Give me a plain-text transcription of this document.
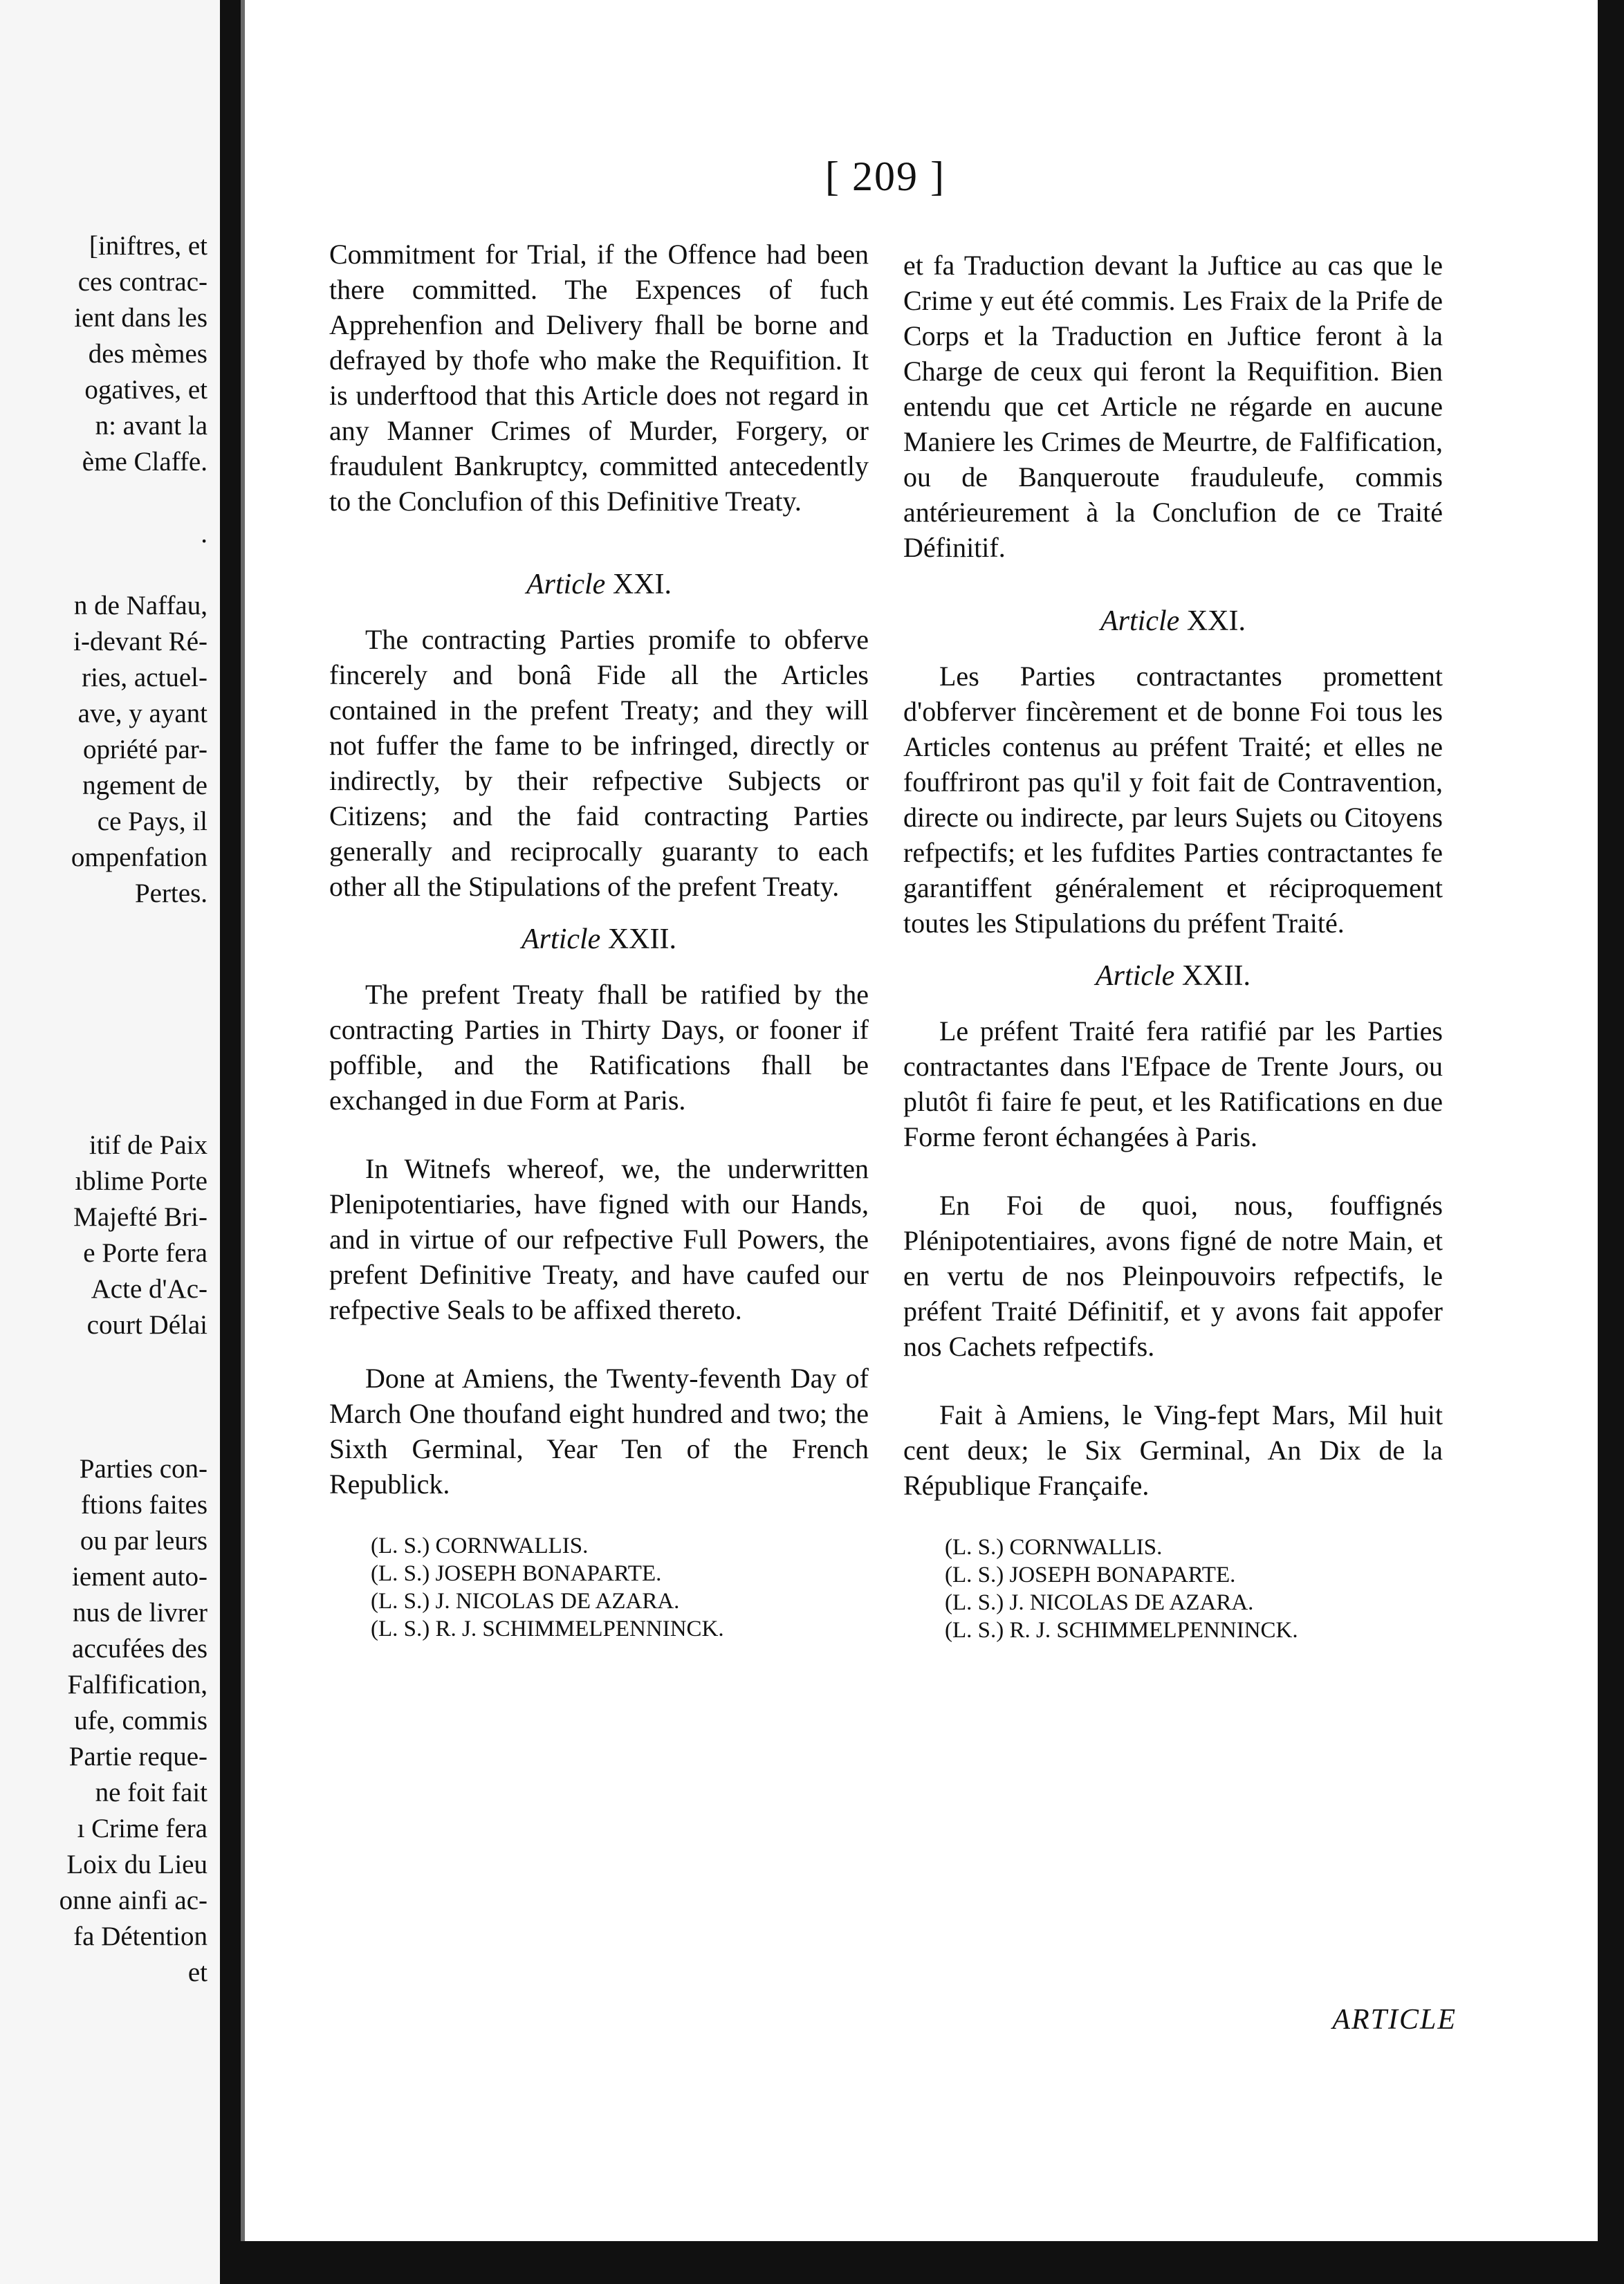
[iniftres, et
ces contrac-
ient dans les
des mèmes
ogatives, et
n: avant la
ème Claffe.
.
n de Naffau,
i-devant Ré-
ries, actuel-
ave, y ayant
opriété par-
ngement de
ce Pays, il
ompenfation
Pertes.
itif de Paix
ıblime Porte
Majefté Bri-
e Porte fera
Acte d'Ac-
court Délai
Parties con-
ftions faites
ou par leurs
iement auto-
nus de livrer
accufées des
Falfification,
ufe, commis
Partie reque-
ne foit fait
ı Crime fera
Loix du Lieu
onne ainfi ac-
fa Détention
et
[ 209 ]

Commitment for Trial, if the Offence had been there committed. The Expences of fuch Apprehenfion and Delivery fhall be borne and defrayed by thofe who make the Requifition. It is underftood that this Article does not regard in any Manner Crimes of Murder, Forgery, or fraudulent Bankruptcy, committed antecedently to the Conclufion of this Definitive Treaty.

Article XXI.

The contracting Parties promife to obferve fincerely and bonâ Fide all the Articles contained in the prefent Treaty; and they will not fuffer the fame to be infringed, directly or indirectly, by their refpective Subjects or Citizens; and the faid contracting Parties generally and reciprocally guaranty to each other all the Stipulations of the prefent Treaty.

Article XXII.

The prefent Treaty fhall be ratified by the contracting Parties in Thirty Days, or fooner if poffible, and the Ratifications fhall be exchanged in due Form at Paris.

In Witnefs whereof, we, the underwritten Plenipotentiaries, have figned with our Hands, and in virtue of our refpective Full Powers, the prefent Definitive Treaty, and have caufed our refpective Seals to be affixed thereto.

Done at Amiens, the Twenty-feventh Day of March One thoufand eight hundred and two; the Sixth Germinal, Year Ten of the French Republick.

(L. S.) CORNWALLIS.
(L. S.) JOSEPH BONAPARTE.
(L. S.) J. NICOLAS DE AZARA.
(L. S.) R. J. SCHIMMELPENNINCK.

et fa Traduction devant la Juftice au cas que le Crime y eut été commis. Les Fraix de la Prife de Corps et la Traduction en Juftice feront à la Charge de ceux qui feront la Requifition. Bien entendu que cet Article ne régarde en aucune Maniere les Crimes de Meurtre, de Falfification, ou de Banqueroute frauduleufe, commis antérieurement à la Conclufion de ce Traité Définitif.

Article XXI.

Les Parties contractantes promettent d'obferver fincèrement et de bonne Foi tous les Articles contenus au préfent Traité; et elles ne fouffriront pas qu'il y foit fait de Contravention, directe ou indirecte, par leurs Sujets ou Citoyens refpectifs; et les fufdites Parties contractantes fe garantiffent généralement et réciproquement toutes les Stipulations du préfent Traité.

Article XXII.

Le préfent Traité fera ratifié par les Parties contractantes dans l'Efpace de Trente Jours, ou plutôt fi faire fe peut, et les Ratifications en due Forme feront échangées à Paris.

En Foi de quoi, nous, fouffignés Plénipotentiaires, avons figné de notre Main, et en vertu de nos Pleinpouvoirs refpectifs, le préfent Traité Définitif, et y avons fait appofer nos Cachets refpectifs.

Fait à Amiens, le Ving-fept Mars, Mil huit cent deux; le Six Germinal, An Dix de la République Françaife.

(L. S.) CORNWALLIS.
(L. S.) JOSEPH BONAPARTE.
(L. S.) J. NICOLAS DE AZARA.
(L. S.) R. J. SCHIMMELPENNINCK.
ARTICLE
